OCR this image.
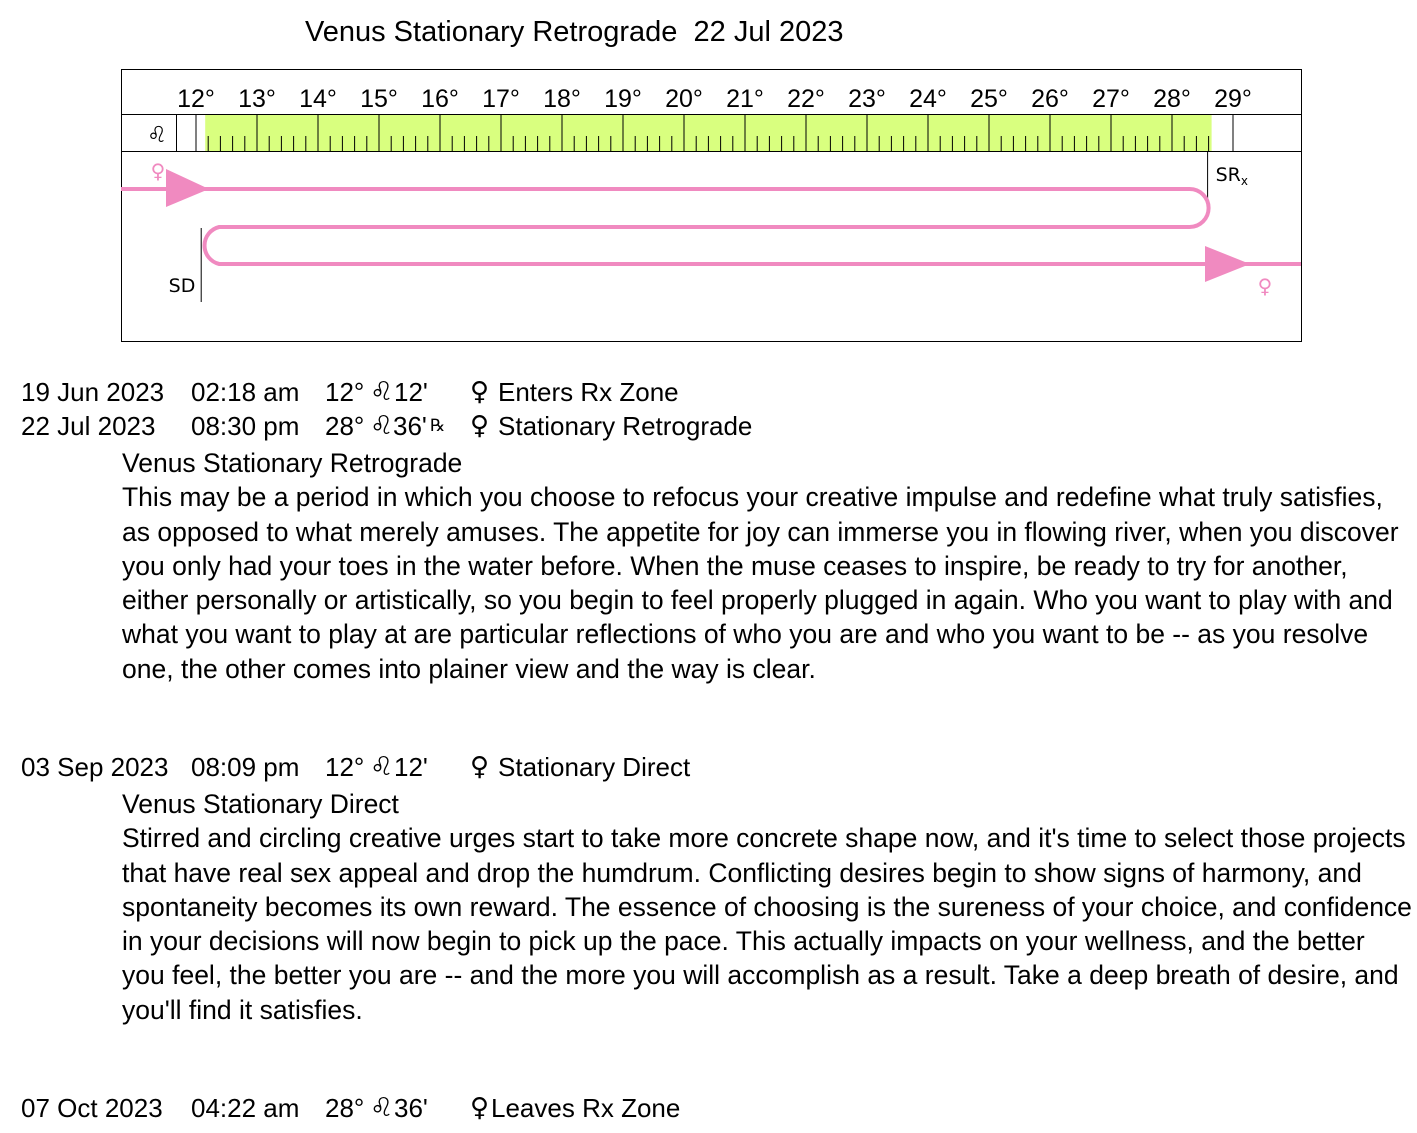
Venus Stationary Retrograde  22 Jul 2023
12° 13° 14° 15° 16° 17° 18° 19° 20° 21° 22° 23° 24° 25° 26° 27° 28° 29°
♌
$SR_x$
SD
♀
♀
19 Jun 2023 02:18 am 12° ♌ 12' ♀ Enters Rx Zone
22 Jul 2023 08:30 pm 28° ♌ 36' ℞ ♀ Stationary Retrograde
Venus Stationary Retrograde
This may be a period in which you choose to refocus your creative impulse and redefine what truly satisfies, as opposed to what merely amuses. The appetite for joy can immerse you in flowing river, when you discover you only had your toes in the water before. When the muse ceases to inspire, be ready to try for another, either personally or artistically, so you begin to feel properly plugged in again. Who you want to play with and what you want to play at are particular reflections of who you are and who you want to be -- as you resolve one, the other comes into plainer view and the way is clear.
03 Sep 2023 08:09 pm 12° ♌ 12' ♀ Stationary Direct
Venus Stationary Direct
Stirred and circling creative urges start to take more concrete shape now, and it's time to select those projects that have real sex appeal and drop the humdrum. Conflicting desires begin to show signs of harmony, and spontaneity becomes its own reward. The essence of choosing is the sureness of your choice, and confidence in your decisions will now begin to pick up the pace. This actually impacts on your wellness, and the better you feel, the better you are -- and the more you will accomplish as a result. Take a deep breath of desire, and you'll find it satisfies.
07 Oct 2023 04:22 am 28° ♌ 36' ♀ Leaves Rx Zone
